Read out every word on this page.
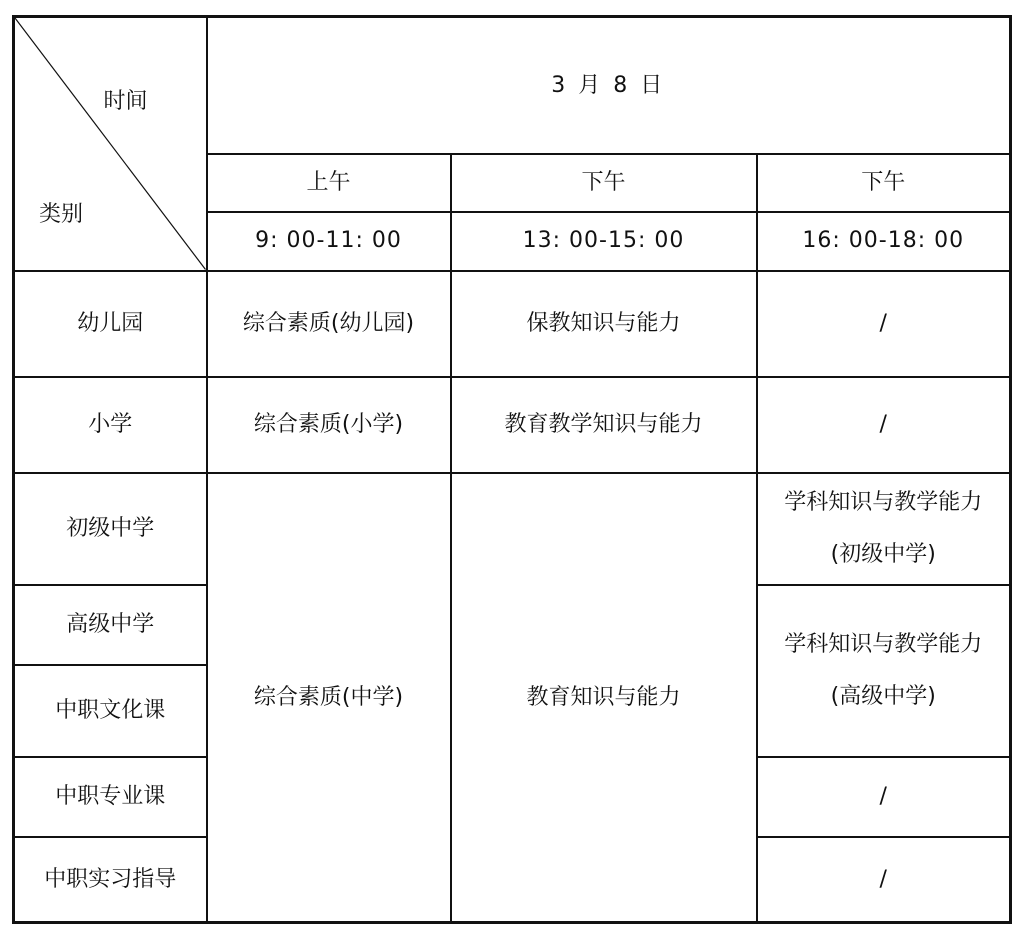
时间
类别	3 月 8 日		
	上午	下午	下午
	9: 00-11: 00	13: 00-15: 00	16: 00-18: 00
幼儿园	综合素质(幼儿园)	保教知识与能力	/
小学	综合素质(小学)	教育教学知识与能力	/
初级中学	综合素质(中学)	教育知识与能力	学科知识与教学能力
(初级中学)

高级中学			学科知识与教学能力
(高级中学)

中职文化课			
中职专业课			/
中职实习指导			/
